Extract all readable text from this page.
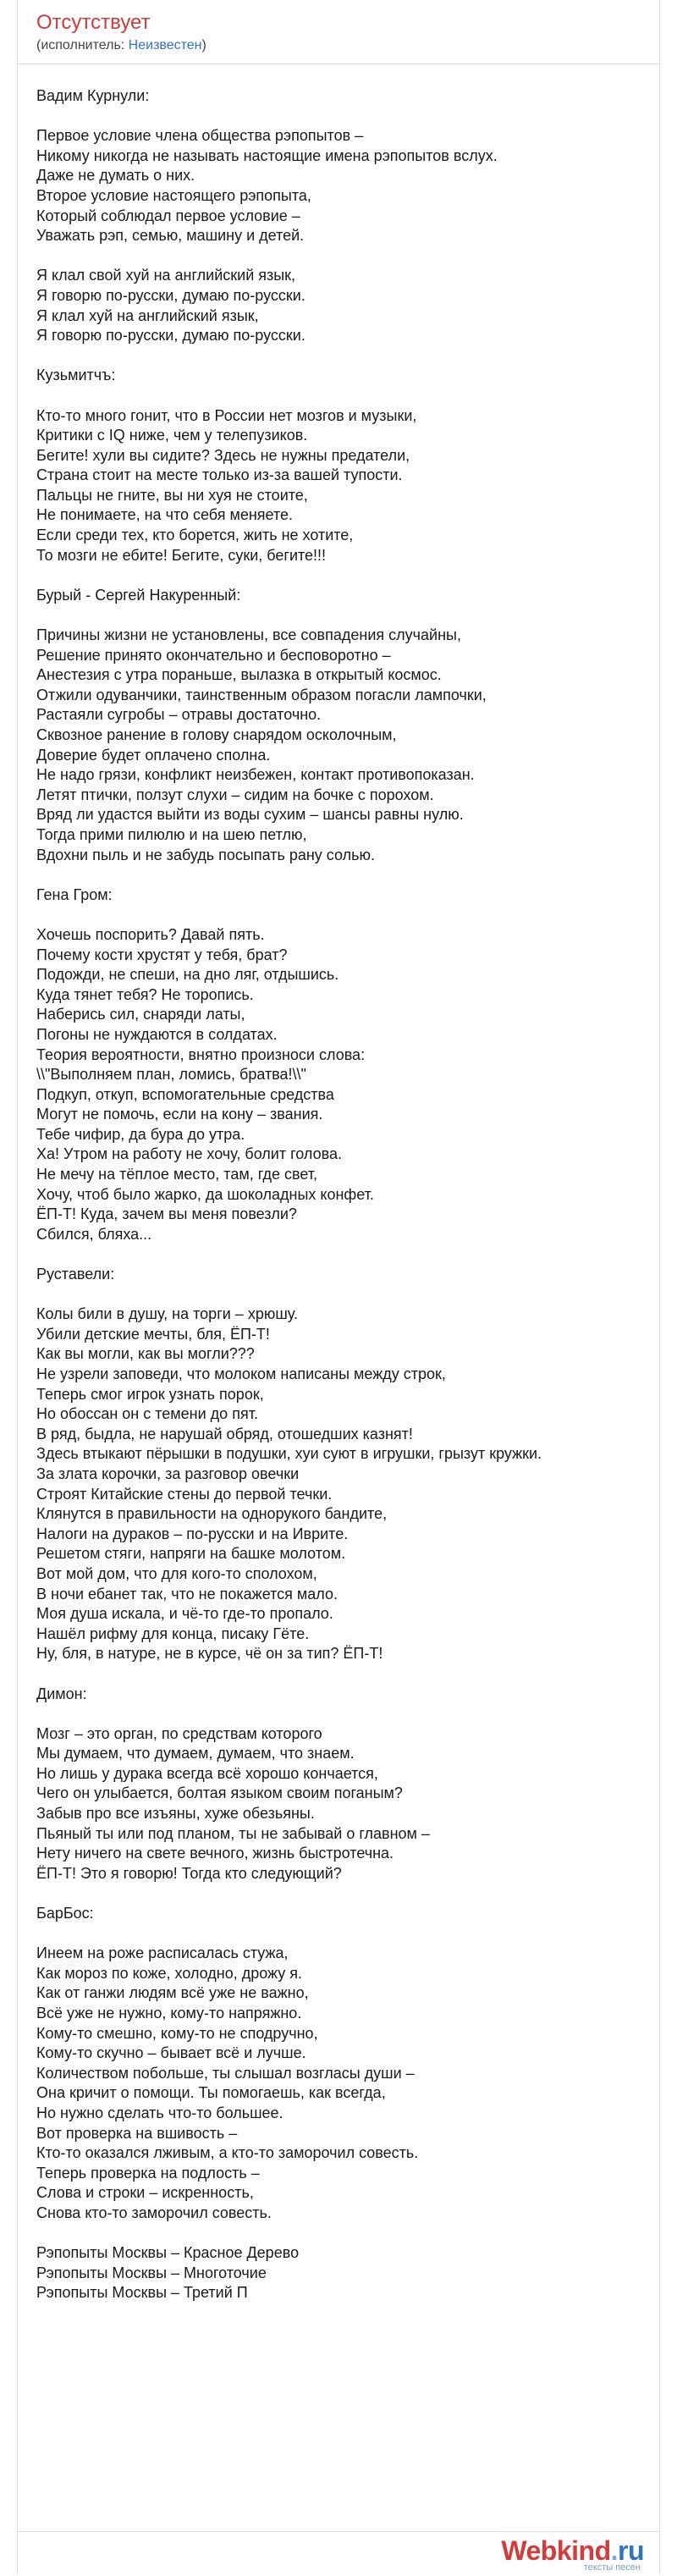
Отсутствует
(исполнитель: Неизвестен)
Вадим Курнули:
Первое условие члена общества рэпопытов –
Никому никогда не называть настоящие имена рэпопытов вслух.
Даже не думать о них.
Второе условие настоящего рэпопыта,
Который соблюдал первое условие –
Уважать рэп, семью, машину и детей.
Я клал свой хуй на английский язык,
Я говорю по-русски, думаю по-русски.
Я клал хуй на английский язык,
Я говорю по-русски, думаю по-русски.
Кузьмитчъ:
Кто-то много гонит, что в России нет мозгов и музыки,
Критики с IQ ниже, чем у телепузиков.
Бегите! хули вы сидите? Здесь не нужны предатели,
Страна стоит на месте только из-за вашей тупости.
Пальцы не гните, вы ни хуя не стоите,
Не понимаете, на что себя меняете.
Если среди тех, кто борется, жить не хотите,
То мозги не ебите! Бегите, суки, бегите!!!
Бурый - Сергей Накуренный:
Причины жизни не установлены, все совпадения случайны,
Решение принято окончательно и бесповоротно –
Анестезия с утра пораньше, вылазка в открытый космос.
Отжили одуванчики, таинственным образом погасли лампочки,
Растаяли сугробы – отравы достаточно.
Сквозное ранение в голову снарядом осколочным,
Доверие будет оплачено сполна.
Не надо грязи, конфликт неизбежен, контакт противопоказан.
Летят птички, ползут слухи – сидим на бочке с порохом.
Вряд ли удастся выйти из воды сухим – шансы равны нулю.
Тогда прими пилюлю и на шею петлю,
Вдохни пыль и не забудь посыпать рану солью.
Гена Гром:
Хочешь поспорить? Давай пять.
Почему кости хрустят у тебя, брат?
Подожди, не спеши, на дно ляг, отдышись.
Куда тянет тебя? Не торопись.
Наберись сил, снаряди латы,
Погоны не нуждаются в солдатах.
Теория вероятности, внятно произноси слова:
\\"Выполняем план, ломись, братва!\\"
Подкуп, откуп, вспомогательные средства
Могут не помочь, если на кону – звания.
Тебе чифир, да бура до утра.
Ха! Утром на работу не хочу, болит голова.
Не мечу на тёплое место, там, где свет,
Хочу, чтоб было жарко, да шоколадных конфет.
ЁП-Т! Куда, зачем вы меня повезли?
Сбился, бляха...
Руставели:
Колы били в душу, на торги – хрюшу.
Убили детские мечты, бля, ЁП-Т!
Как вы могли, как вы могли???
Не узрели заповеди, что молоком написаны между строк,
Теперь смог игрок узнать порок,
Но обоссан он с темени до пят.
В ряд, быдла, не нарушай обряд, отошедших казнят!
Здесь втыкают пёрышки в подушки, хуи суют в игрушки, грызут кружки.
За злата корочки, за разговор овечки
Строят Китайские стены до первой течки.
Клянутся в правильности на однорукого бандите,
Налоги на дураков – по-русски и на Иврите.
Решетом стяги, напряги на башке молотом.
Вот мой дом, что для кого-то сполохом,
В ночи ебанет так, что не покажется мало.
Моя душа искала, и чё-то где-то пропало.
Нашёл рифму для конца, писаку Гёте.
Ну, бля, в натуре, не в курсе, чё он за тип? ЁП-Т!
Димон:
Мозг – это орган, по средствам которого
Мы думаем, что думаем, думаем, что знаем.
Но лишь у дурака всегда всё хорошо кончается,
Чего он улыбается, болтая языком своим поганым?
Забыв про все изъяны, хуже обезьяны.
Пьяный ты или под планом, ты не забывай о главном –
Нету ничего на свете вечного, жизнь быстротечна.
ЁП-Т! Это я говорю! Тогда кто следующий?
БарБос:
Инеем на роже расписалась стужа,
Как мороз по коже, холодно, дрожу я.
Как от ганжи людям всё уже не важно,
Всё уже не нужно, кому-то напряжно.
Кому-то смешно, кому-то не сподручно,
Кому-то скучно – бывает всё и лучше.
Количеством побольше, ты слышал возгласы души –
Она кричит о помощи. Ты помогаешь, как всегда,
Но нужно сделать что-то большее.
Вот проверка на вшивость –
Кто-то оказался лживым, а кто-то заморочил совесть.
Теперь проверка на подлость –
Слова и строки – искренность,
Снова кто-то заморочил совесть.
Рэпопыты Москвы – Красное Дерево
Рэпопыты Москвы – Многоточие
Рэпопыты Москвы – Третий П
Webkind.ru
тексты песен
